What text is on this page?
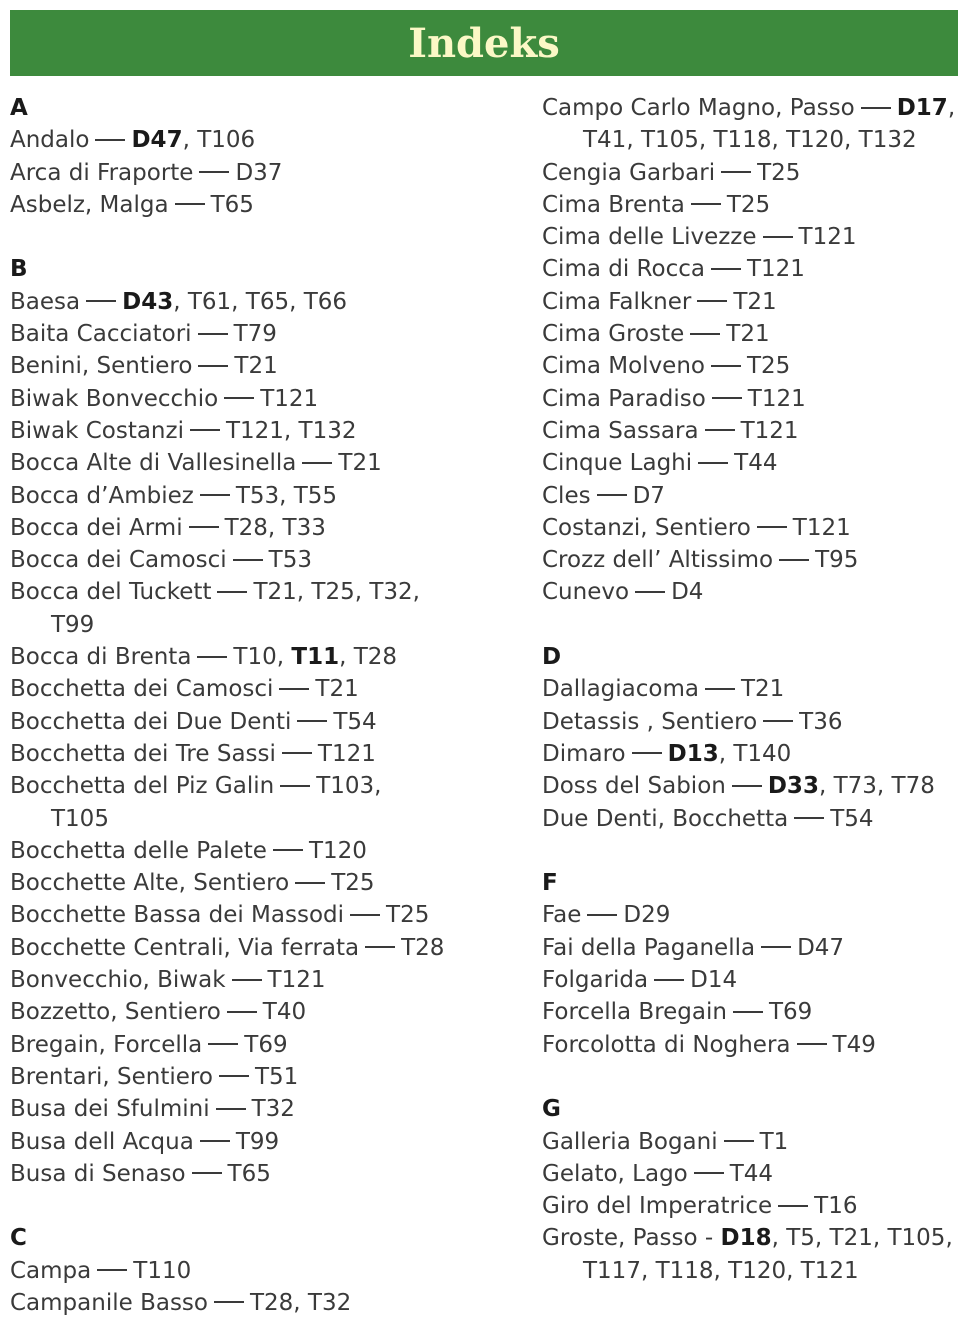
Indeks
A
Andalo D47, T106
Arca di Fraporte D37
Asbelz, Malga T65
B
Baesa D43, T61, T65, T66
Baita Cacciatori T79
Benini, Sentiero T21
Biwak Bonvecchio T121
Biwak Costanzi T121, T132
Bocca Alte di Vallesinella T21
Bocca d’Ambiez T53, T55
Bocca dei Armi T28, T33
Bocca dei Camosci T53
Bocca del Tuckett T21, T25, T32,
T99
Bocca di Brenta T10, T11, T28
Bocchetta dei Camosci T21
Bocchetta dei Due Denti T54
Bocchetta dei Tre Sassi T121
Bocchetta del Piz Galin T103,
T105
Bocchetta delle Palete T120
Bocchette Alte, Sentiero T25
Bocchette Bassa dei Massodi T25
Bocchette Centrali, Via ferrata T28
Bonvecchio, Biwak T121
Bozzetto, Sentiero T40
Bregain, Forcella T69
Brentari, Sentiero T51
Busa dei Sfulmini T32
Busa dell Acqua T99
Busa di Senaso T65
C
Campa T110
Campanile Basso T28, T32
Campo Carlo Magno, Passo D17,
T41, T105, T118, T120, T132
Cengia Garbari T25
Cima Brenta T25
Cima delle Livezze T121
Cima di Rocca T121
Cima Falkner T21
Cima Groste T21
Cima Molveno T25
Cima Paradiso T121
Cima Sassara T121
Cinque Laghi T44
Cles D7
Costanzi, Sentiero T121
Crozz dell’ Altissimo T95
Cunevo D4
D
Dallagiacoma T21
Detassis , Sentiero T36
Dimaro D13, T140
Doss del Sabion D33, T73, T78
Due Denti, Bocchetta T54
F
Fae D29
Fai della Paganella D47
Folgarida D14
Forcella Bregain T69
Forcolotta di Noghera T49
G
Galleria Bogani T1
Gelato, Lago T44
Giro del Imperatrice T16
Groste, Passo - D18, T5, T21, T105,
T117, T118, T120, T121
